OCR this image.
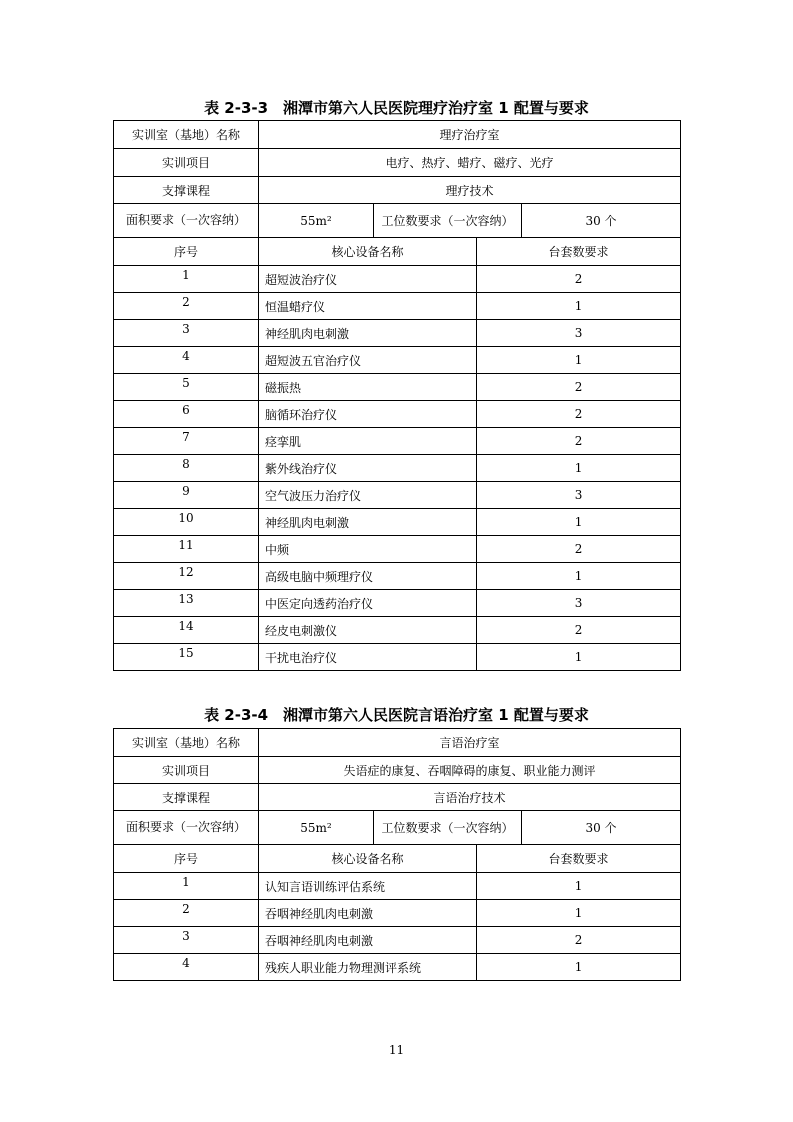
表 2-3-3　湘潭市第六人民医院理疗治疗室 1 配置与要求
实训室（基地）名称	理疗治疗室			
实训项目	电疗、热疗、蜡疗、磁疗、光疗			
支撑课程	理疗技术			
面积要求（一次容纳）	55m²	工位数要求（一次容纳）		30 个
序号	核心设备名称		台套数要求	
1	超短波治疗仪		2	
2	恒温蜡疗仪		1	
3	神经肌肉电刺激		3	
4	超短波五官治疗仪		1	
5	磁振热		2	
6	脑循环治疗仪		2	
7	痉挛肌		2	
8	紫外线治疗仪		1	
9	空气波压力治疗仪		3	
10	神经肌肉电刺激		1	
11	中频		2	
12	高级电脑中频理疗仪		1	
13	中医定向透药治疗仪		3	
14	经皮电刺激仪		2	
15	干扰电治疗仪		1	
表 2-3-4　湘潭市第六人民医院言语治疗室 1 配置与要求
实训室（基地）名称	言语治疗室			
实训项目	失语症的康复、吞咽障碍的康复、职业能力测评			
支撑课程	言语治疗技术			
面积要求（一次容纳）	55m²	工位数要求（一次容纳）		30 个
序号	核心设备名称		台套数要求	
1	认知言语训练评估系统		1	
2	吞咽神经肌肉电刺激		1	
3	吞咽神经肌肉电刺激		2	
4	残疾人职业能力物理测评系统		1	
11
